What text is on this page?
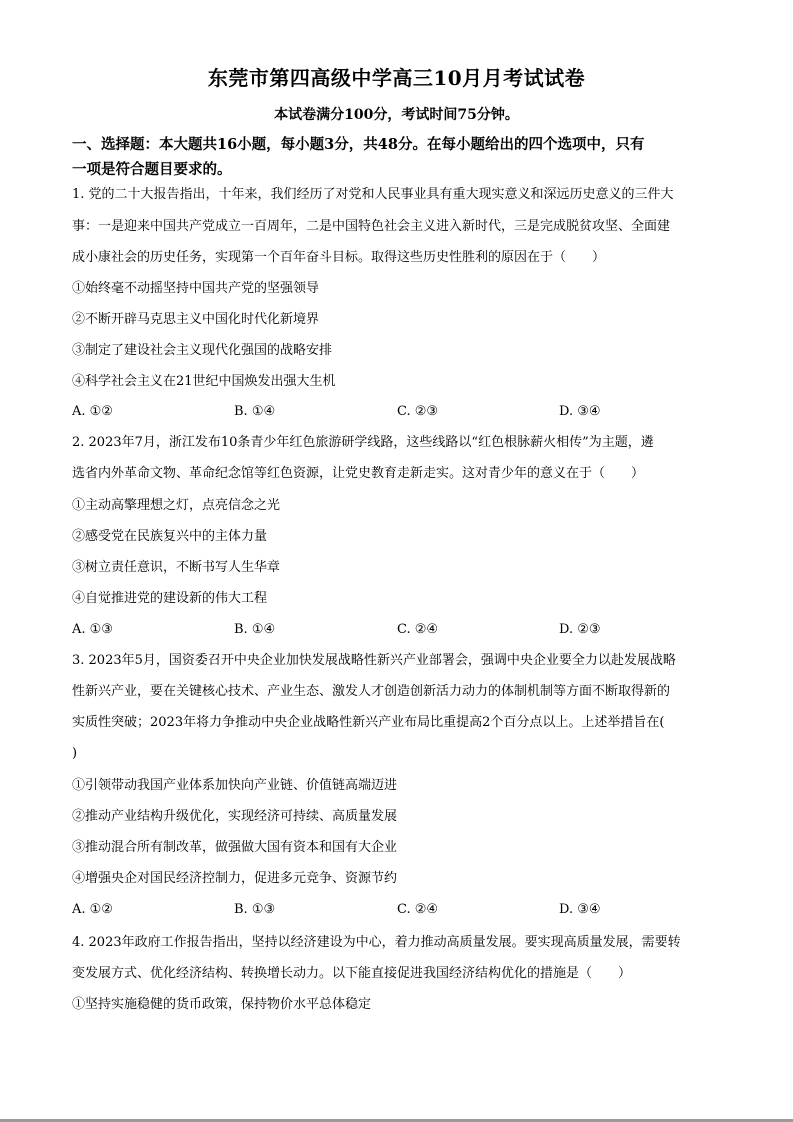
东莞市第四高级中学高三10月月考试试卷
本试卷满分100分，考试时间75分钟。
一、选择题：本大题共16小题，每小题3分，共48分。在每小题给出的四个选项中，只有
一项是符合题目要求的。
1. 党的二十大报告指出，十年来，我们经历了对党和人民事业具有重大现实意义和深远历史意义的三件大
事：一是迎来中国共产党成立一百周年，二是中国特色社会主义进入新时代，三是完成脱贫攻坚、全面建
成小康社会的历史任务，实现第一个百年奋斗目标。取得这些历史性胜利的原因在于（　　）
①始终毫不动摇坚持中国共产党的坚强领导
②不断开辟马克思主义中国化时代化新境界
③制定了建设社会主义现代化强国的战略安排
④科学社会主义在21世纪中国焕发出强大生机
A. ①②	B. ①④	C. ②③	D. ③④
2. 2023年7月，浙江发布10条青少年红色旅游研学线路，这些线路以“红色根脉薪火相传”为主题，遴
选省内外革命文物、革命纪念馆等红色资源，让党史教育走新走实。这对青少年的意义在于（　　）
①主动高擎理想之灯，点亮信念之光
②感受党在民族复兴中的主体力量
③树立责任意识，不断书写人生华章
④自觉推进党的建设新的伟大工程
A. ①③	B. ①④	C. ②④	D. ②③
3. 2023年5月，国资委召开中央企业加快发展战略性新兴产业部署会，强调中央企业要全力以赴发展战略
性新兴产业，要在关键核心技术、产业生态、激发人才创造创新活力动力的体制机制等方面不断取得新的
实质性突破；2023年将力争推动中央企业战略性新兴产业布局比重提高2个百分点以上。上述举措旨在(
)
①引领带动我国产业体系加快向产业链、价值链高端迈进
②推动产业结构升级优化，实现经济可持续、高质量发展
③推动混合所有制改革，做强做大国有资本和国有大企业
④增强央企对国民经济控制力，促进多元竞争、资源节约
A. ①②	B. ①③	C. ②④	D. ③④
4. 2023年政府工作报告指出，坚持以经济建设为中心，着力推动高质量发展。要实现高质量发展，需要转
变发展方式、优化经济结构、转换增长动力。以下能直接促进我国经济结构优化的措施是（　　）
①坚持实施稳健的货币政策，保持物价水平总体稳定
